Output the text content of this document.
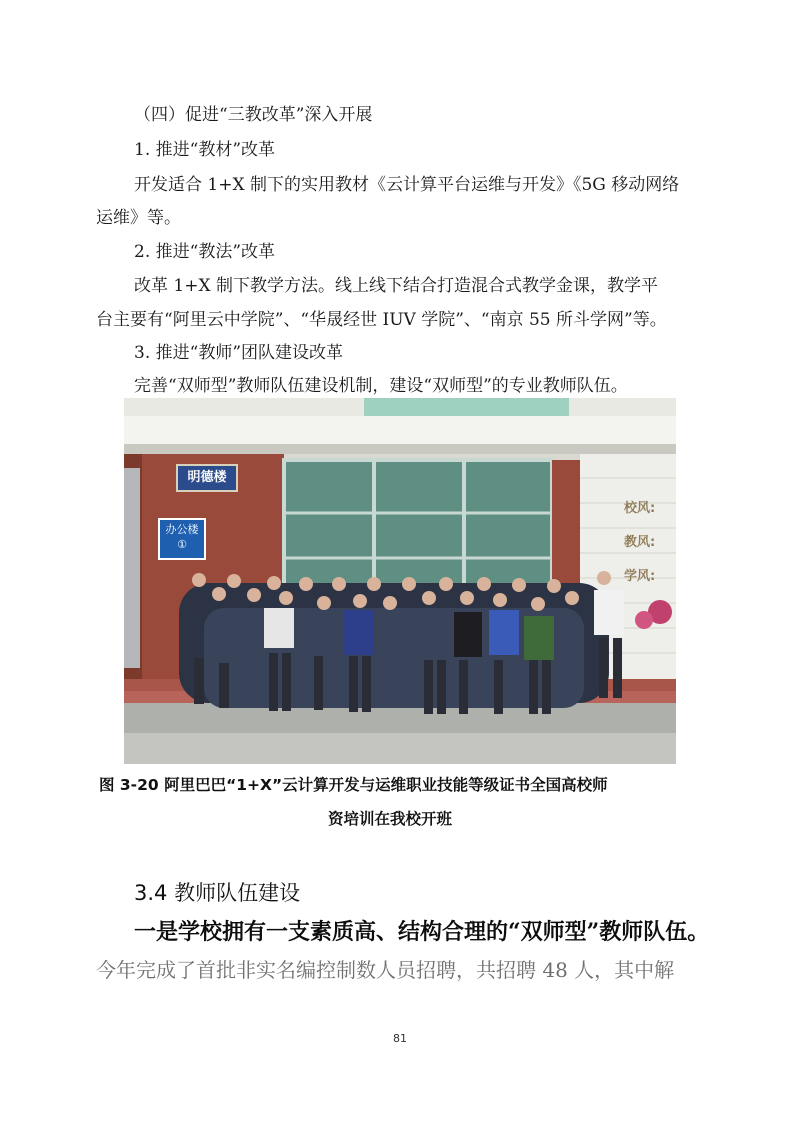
（四）促进“三教改革”深入开展
1. 推进“教材”改革
开发适合 1+X 制下的实用教材《云计算平台运维与开发》《5G 移动网络
运维》等。
2. 推进“教法”改革
改革 1+X 制下教学方法。线上线下结合打造混合式教学金课，教学平
台主要有“阿里云中学院”、“华晟经世 IUV 学院”、“南京 55 所斗学网”等。
3. 推进“教师”团队建设改革
完善“双师型”教师队伍建设机制，建设“双师型”的专业教师队伍。
明德楼
办公楼
①
校风:
教风:
学风:
图 3-20 阿里巴巴“1+X”云计算开发与运维职业技能等级证书全国高校师
资培训在我校开班
3.4 教师队伍建设
一是学校拥有一支素质高、结构合理的“双师型”教师队伍。
今年完成了首批非实名编控制数人员招聘，共招聘 48 人，其中解
81
